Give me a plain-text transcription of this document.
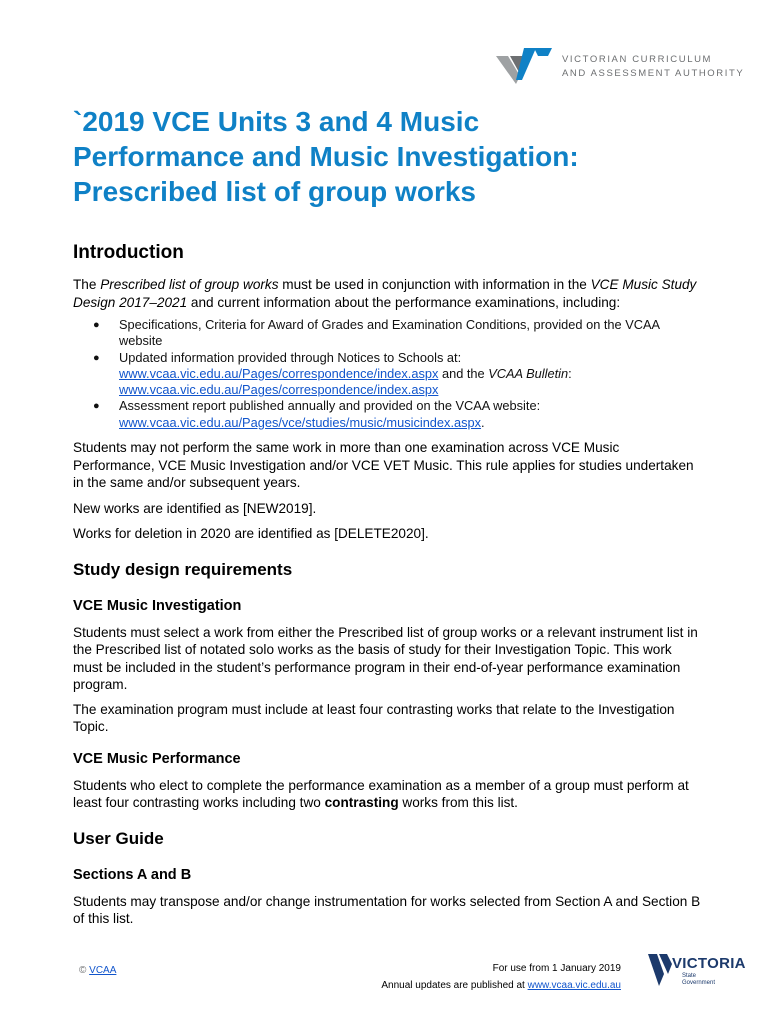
VICTORIAN CURRICULUM
AND ASSESSMENT AUTHORITY
`2019 VCE Units 3 and 4 Music
Performance and Music Investigation:
Prescribed list of group works
Introduction

The Prescribed list of group works must be used in conjunction with information in the VCE Music Study Design 2017–2021 and current information about the performance examinations, including:

● Specifications, Criteria for Award of Grades and Examination Conditions, provided on the VCAA website
● Updated information provided through Notices to Schools at:
www.vcaa.vic.edu.au/Pages/correspondence/index.aspx and the VCAA Bulletin:
www.vcaa.vic.edu.au/Pages/correspondence/index.aspx
● Assessment report published annually and provided on the VCAA website:
www.vcaa.vic.edu.au/Pages/vce/studies/music/musicindex.aspx.

Students may not perform the same work in more than one examination across VCE Music Performance, VCE Music Investigation and/or VCE VET Music. This rule applies for studies undertaken in the same and/or subsequent years.

New works are identified as [NEW2019].

Works for deletion in 2020 are identified as [DELETE2020].

Study design requirements
VCE Music Investigation

Students must select a work from either the Prescribed list of group works or a relevant instrument list in the Prescribed list of notated solo works as the basis of study for their Investigation Topic. This work must be included in the student’s performance program in their end-of-year performance examination program.

The examination program must include at least four contrasting works that relate to the Investigation Topic.

VCE Music Performance

Students who elect to complete the performance examination as a member of a group must perform at least four contrasting works including two contrasting works from this list.

User Guide
Sections A and B

Students may transpose and/or change instrumentation for works selected from Section A and Section B of this list.

© VCAA	For use from 1 January 2019
Annual updates are published at www.vcaa.vic.edu.au
VICTORIA
State
Government
